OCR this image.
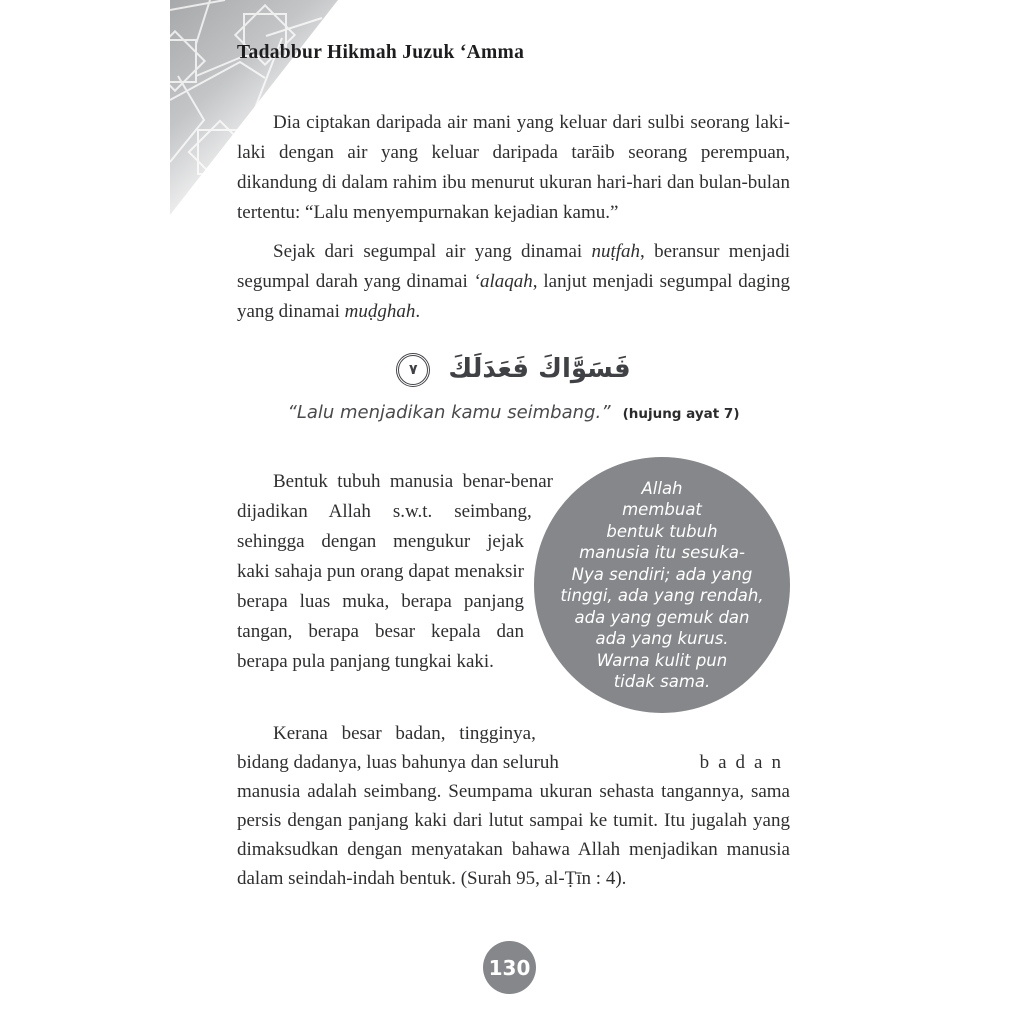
Tadabbur Hikmah Juzuk ‘Amma

Dia ciptakan daripada air mani yang keluar dari sulbi seorang laki-laki dengan air yang keluar daripada tarāib seorang perempuan, dikandung di dalam rahim ibu menurut ukuran hari-hari dan bulan-bulan tertentu: “Lalu menyempurnakan kejadian kamu.”

Sejak dari segumpal air yang dinamai nuṭfah, beransur menjadi segumpal darah yang dinamai ‘alaqah, lanjut menjadi segumpal daging yang dinamai muḍghah.

فَسَوَّاكَ فَعَدَلَكَ ٧

“Lalu menjadikan kamu seimbang.” (hujung ayat 7)

Allah
membuat
bentuk tubuh
manusia itu sesuka-
Nya sendiri; ada yang
tinggi, ada yang rendah,
ada yang gemuk dan
ada yang kurus.
Warna kulit pun
tidak sama.

Bentuk tubuh manusia benar-benar dijadikan Allah s.w.t. seimbang, sehingga dengan mengukur jejak kaki sahaja pun orang dapat menaksir berapa luas muka, berapa panjang tangan, berapa besar kepala dan berapa pula panjang tungkai kaki.

Kerana besar badan, tingginya,
bidang dadanya, luas bahunya dan seluruh	badan

manusia adalah seimbang. Seumpama ukuran sehasta tangannya, sama persis dengan panjang kaki dari lutut sampai ke tumit. Itu jugalah yang dimaksudkan dengan menyatakan bahawa Allah menjadikan manusia dalam seindah-indah bentuk. (Surah 95, al-Ṭīn : 4).

130
